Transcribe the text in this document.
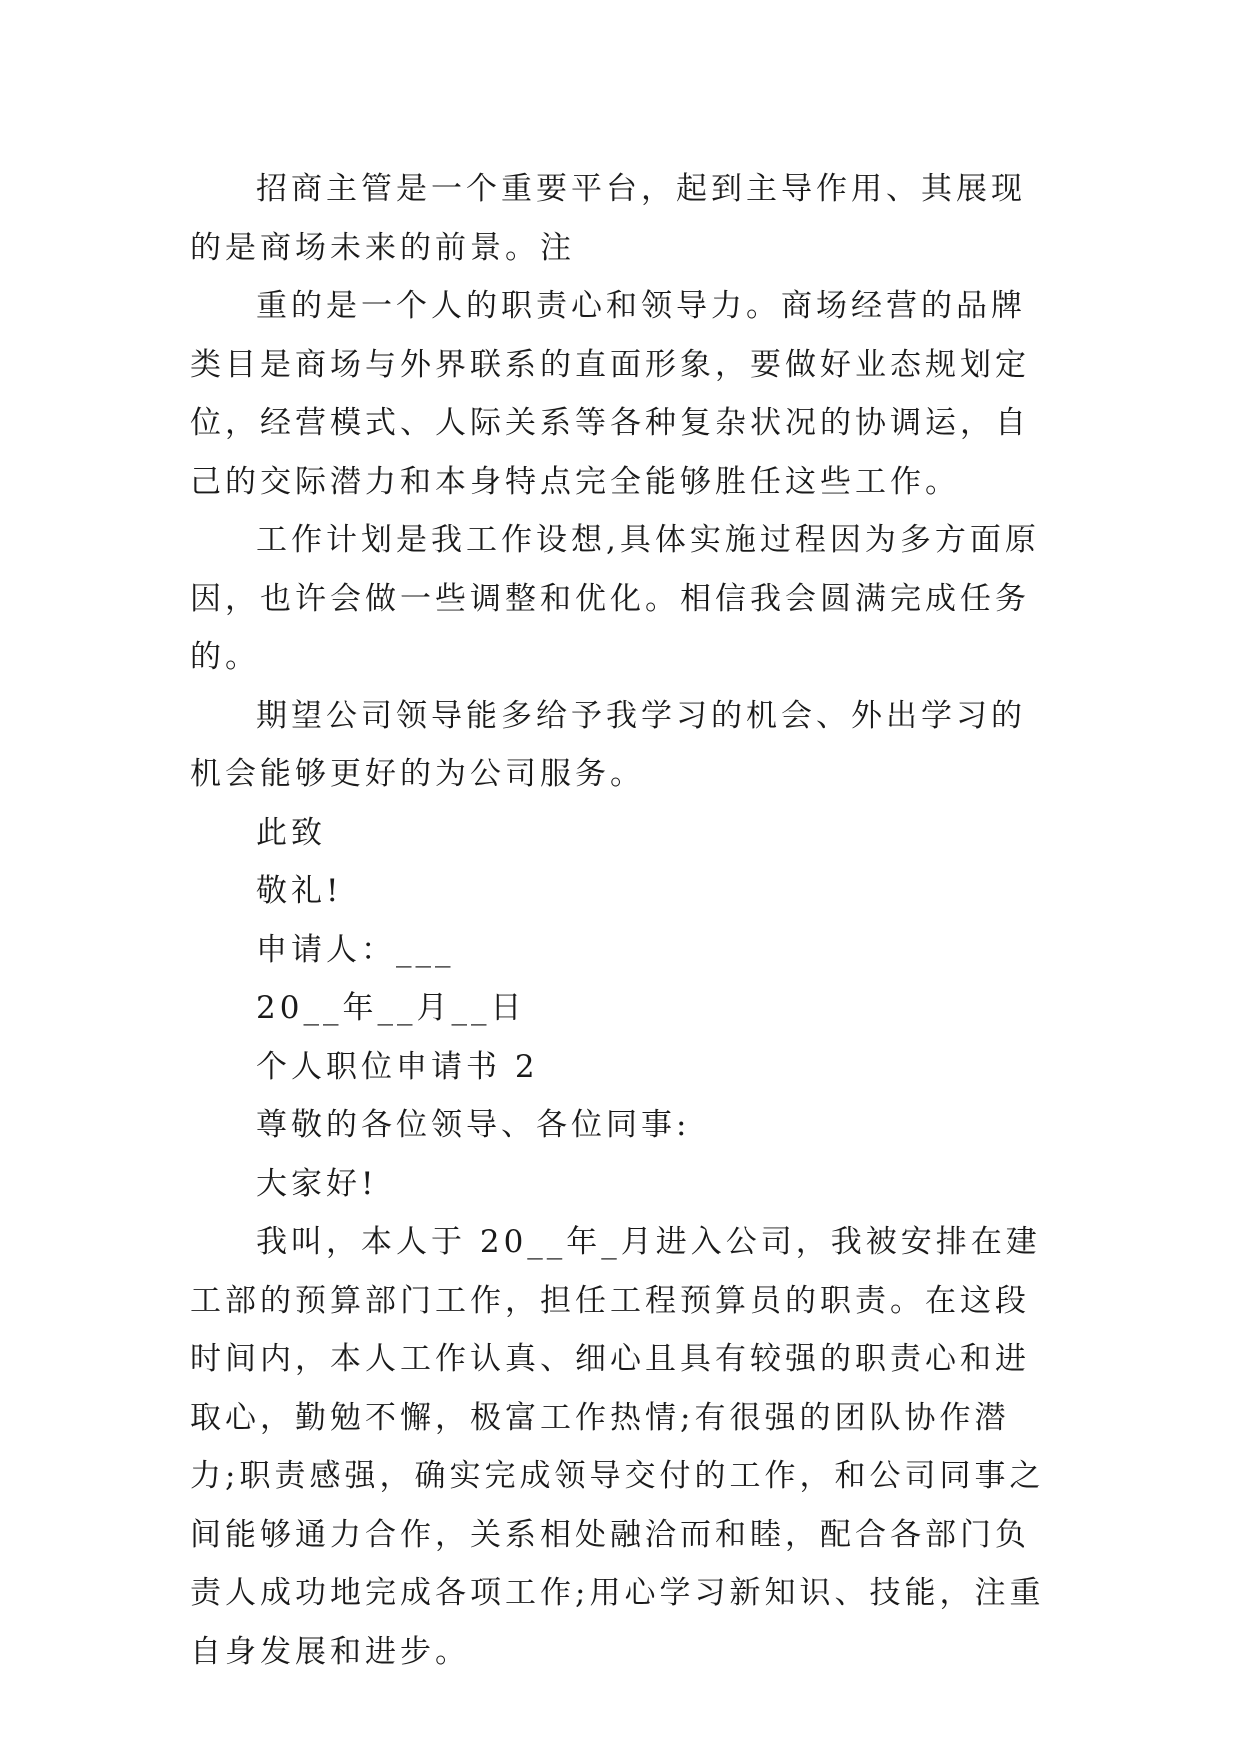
招商主管是一个重要平台，起到主导作用、其展现的是商场未来的前景。注

重的是一个人的职责心和领导力。商场经营的品牌类目是商场与外界联系的直面形象，要做好业态规划定位，经营模式、人际关系等各种复杂状况的协调运，自己的交际潜力和本身特点完全能够胜任这些工作。

工作计划是我工作设想,具体实施过程因为多方面原因，也许会做一些调整和优化。相信我会圆满完成任务的。

期望公司领导能多给予我学习的机会、外出学习的机会能够更好的为公司服务。

此致

敬礼!

申请人：___

20__年__月__日

个人职位申请书 2

尊敬的各位领导、各位同事:

大家好!

我叫，本人于 20__年_月进入公司，我被安排在建工部的预算部门工作，担任工程预算员的职责。在这段时间内，本人工作认真、细心且具有较强的职责心和进取心，勤勉不懈，极富工作热情;有很强的团队协作潜力;职责感强，确实完成领导交付的工作，和公司同事之间能够通力合作，关系相处融洽而和睦，配合各部门负责人成功地完成各项工作;用心学习新知识、技能，注重自身发展和进步。
